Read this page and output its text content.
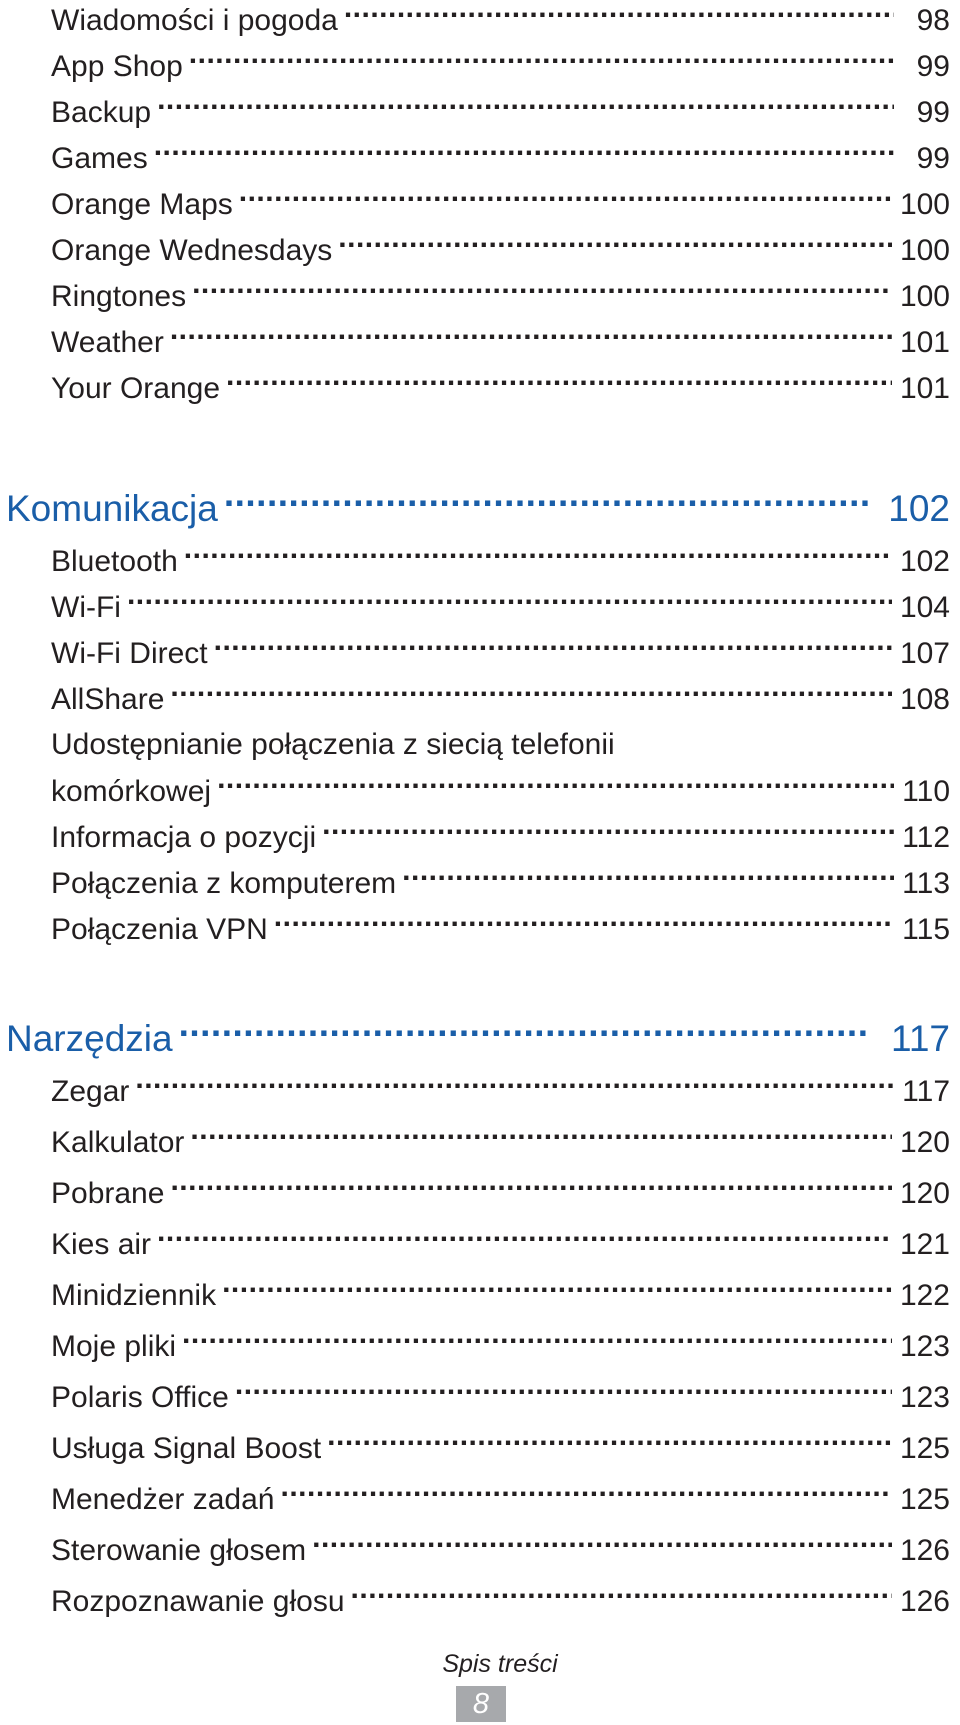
Wiadomości i pogoda .....	98
App Shop .....	99
Backup .....	99
Games .....	99
Orange Maps .....	100
Orange Wednesdays .....	100
Ringtones .....	100
Weather .....	101
Your Orange .....	101
Komunikacja .....	102
Bluetooth .....	102
Wi-Fi .....	104
Wi-Fi Direct .....	107
AllShare .....	108
Udostępnianie połączenia z siecią telefonii
komórkowej .....	110
Informacja o pozycji .....	112
Połączenia z komputerem .....	113
Połączenia VPN .....	115
Narzędzia .....	117
Zegar .....	117
Kalkulator .....	120
Pobrane .....	120
Kies air .....	121
Minidziennik .....	122
Moje pliki .....	123
Polaris Office .....	123
Usługa Signal Boost .....	125
Menedżer zadań .....	125
Sterowanie głosem .....	126
Rozpoznawanie głosu .....	126
Spis treści
8
